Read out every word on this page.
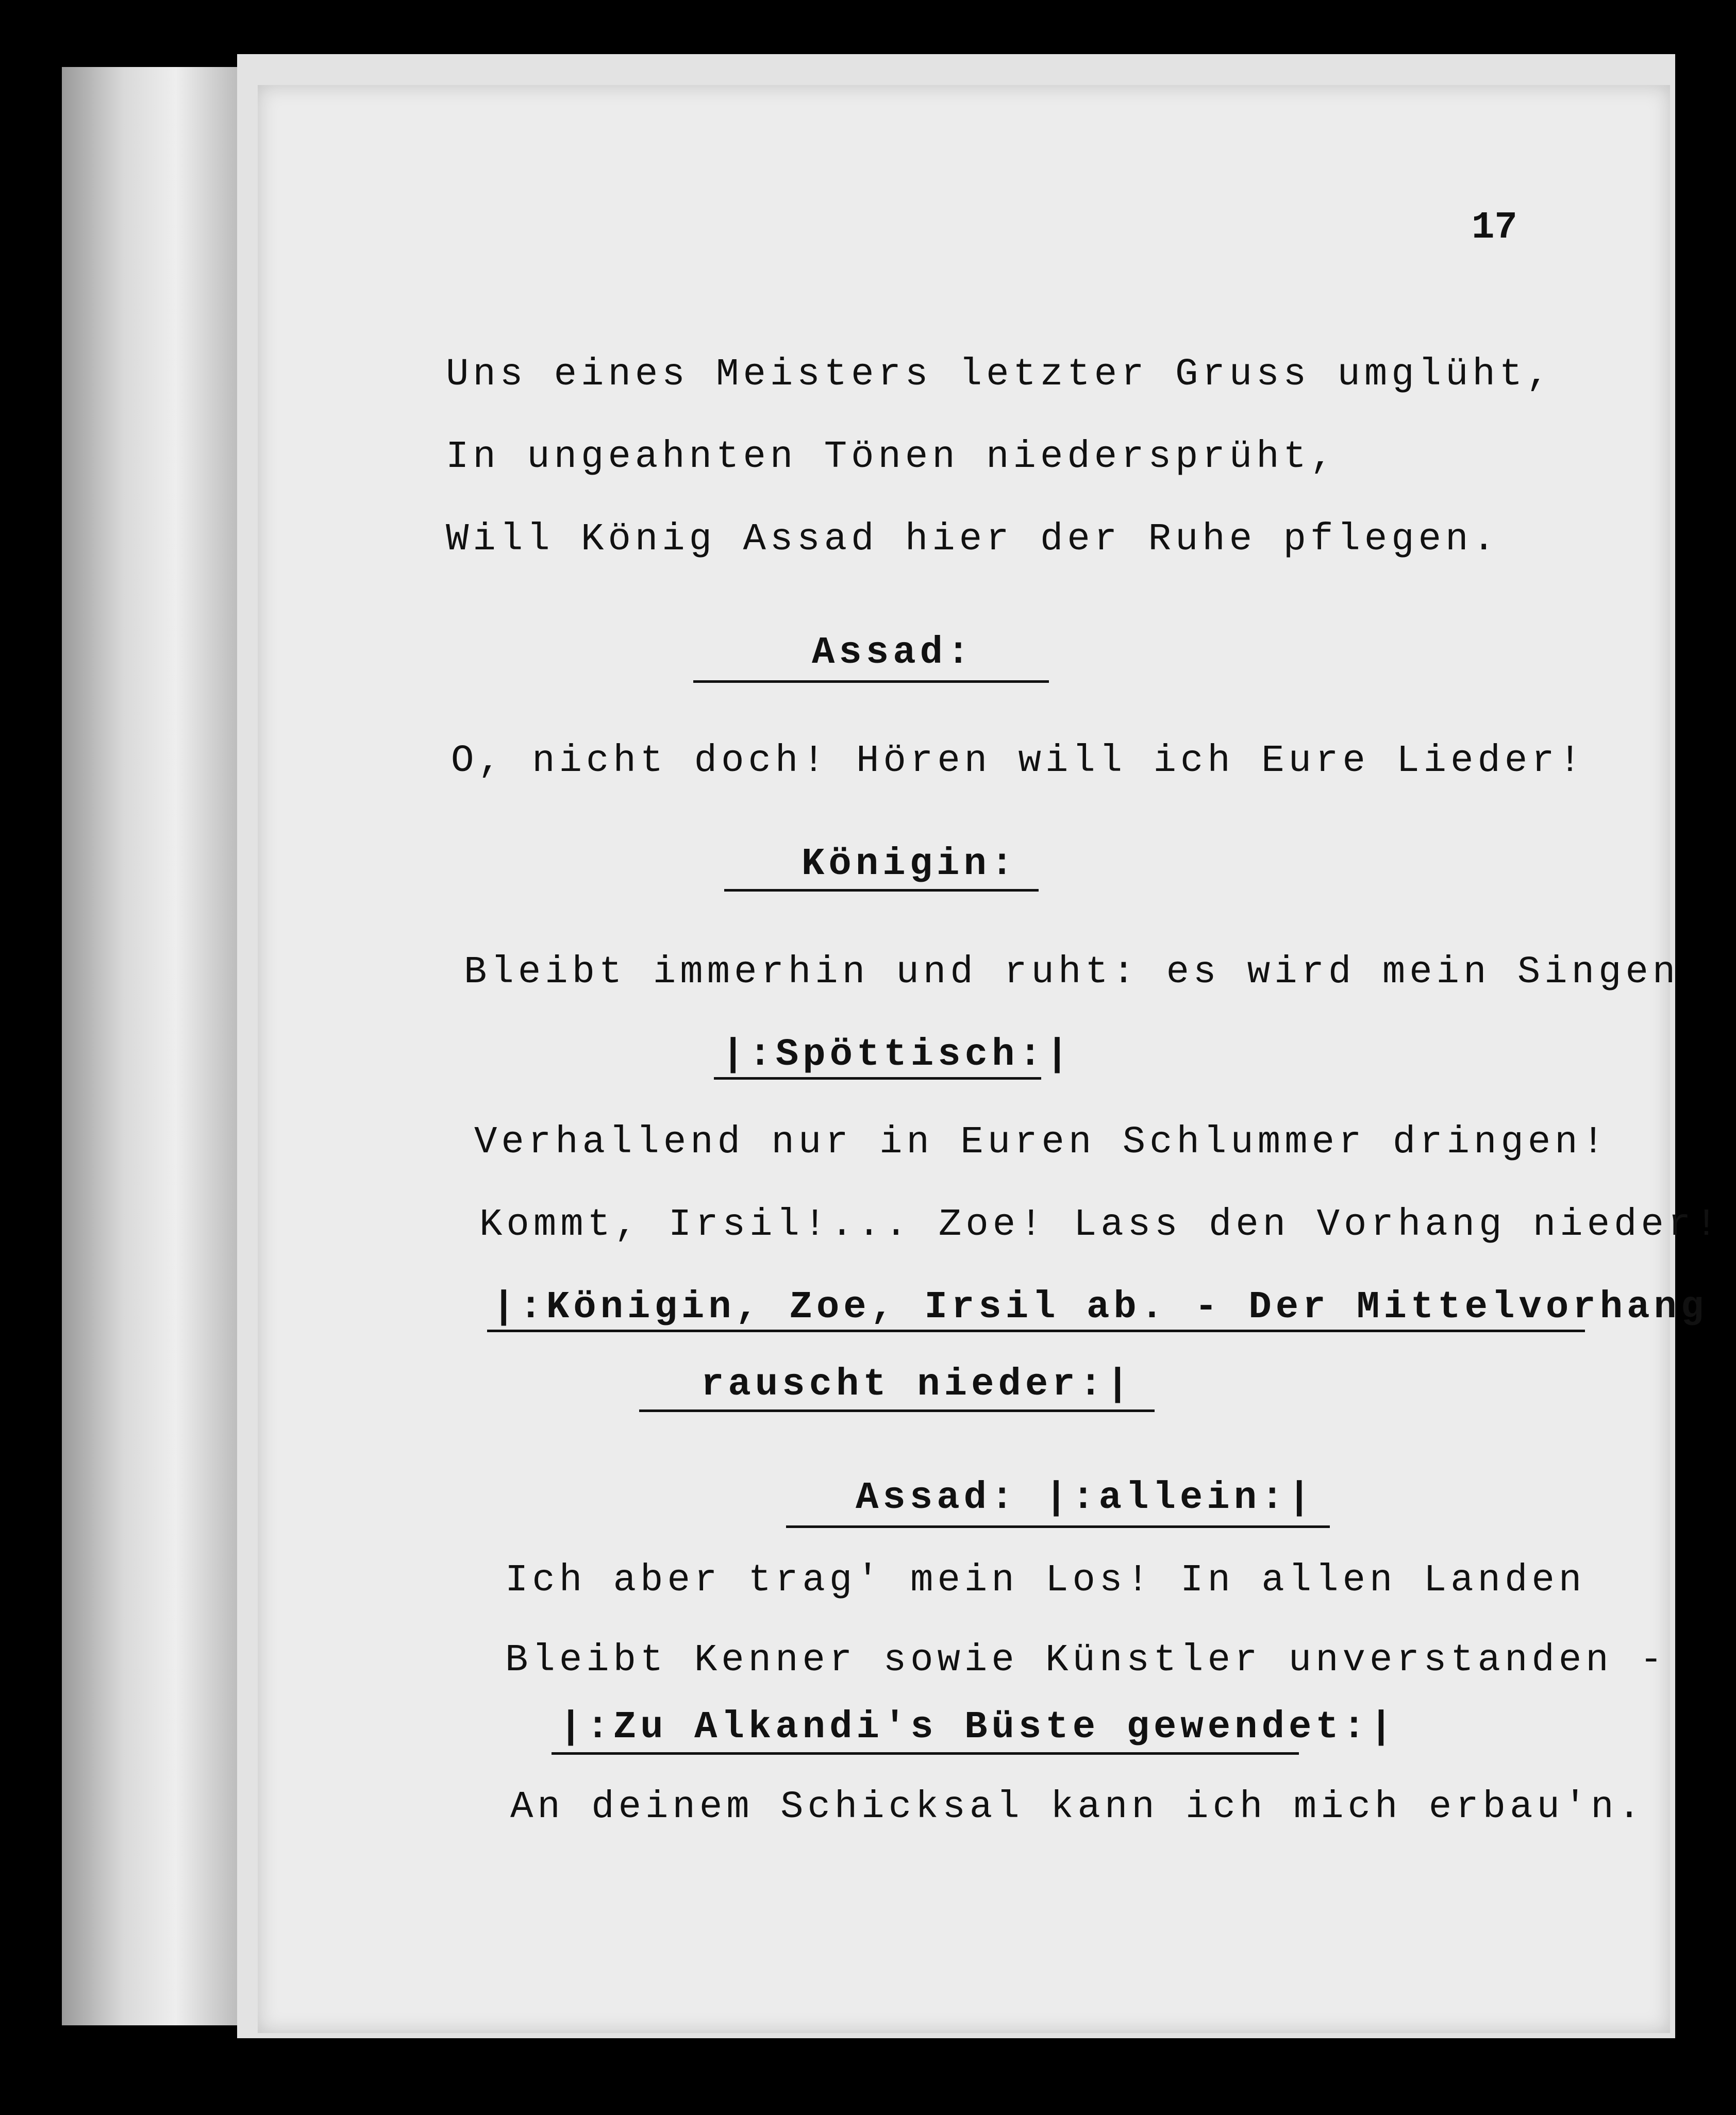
17
Uns eines Meisters letzter Gruss umglüht,
In ungeahnten Tönen niedersprüht,
Will König Assad hier der Ruhe pflegen.
Assad:
O, nicht doch! Hören will ich Eure Lieder!
Königin:
Bleibt immerhin und ruht: es wird mein Singen
|:Spöttisch:|
Verhallend nur in Euren Schlummer dringen!
Kommt, Irsil!... Zoe! Lass den Vorhang nieder!
|:Königin, Zoe, Irsil ab. - Der Mittelvorhang
rauscht nieder:|
Assad: |:allein:|
Ich aber trag' mein Los! In allen Landen
Bleibt Kenner sowie Künstler unverstanden -
|:Zu Alkandi's Büste gewendet:|
An deinem Schicksal kann ich mich erbau'n.
